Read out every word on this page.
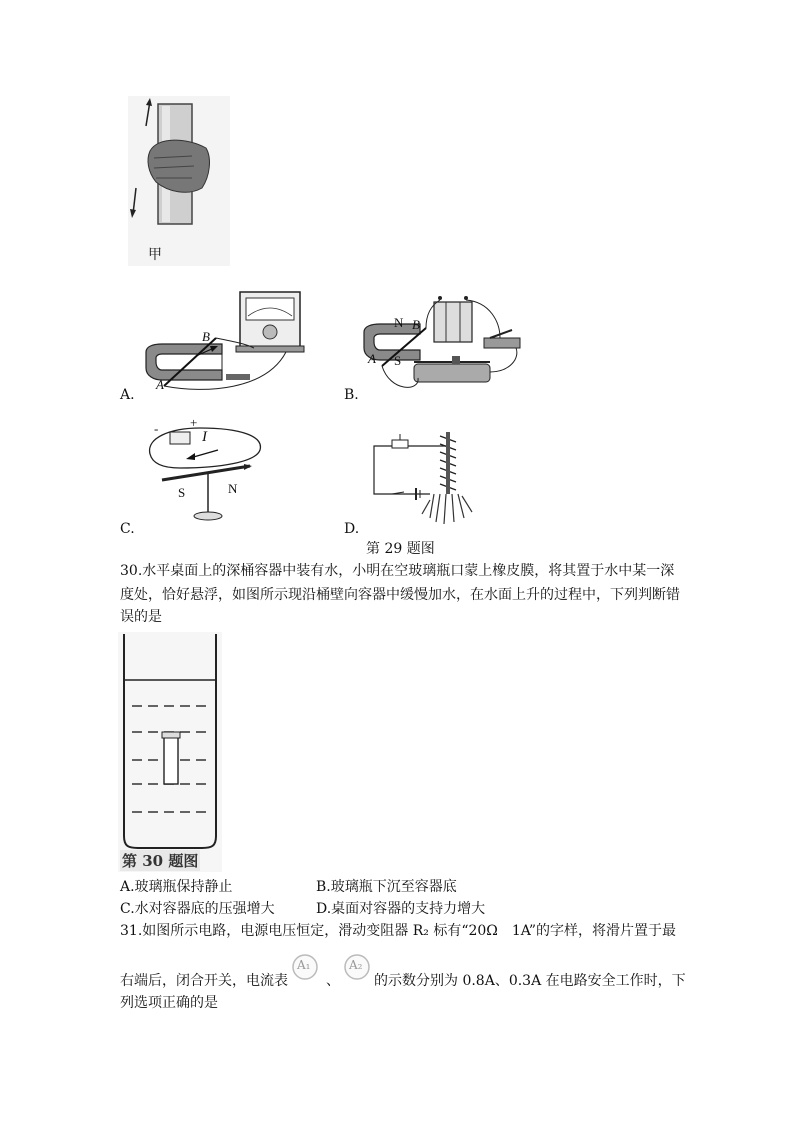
甲
B
A
A.
N B
A S
B.
I
S	N
- +
C.	D.
第 29 题图
30.水平桌面上的深桶容器中装有水，小明在空玻璃瓶口蒙上橡皮膜，将其置于水中某一深
度处，恰好悬浮，如图所示现沿桶壁向容器中缓慢加水，在水面上升的过程中，下列判断错
误的是
第 30 题图
A.玻璃瓶保持静止	B.玻璃瓶下沉至容器底
C.水对容器底的压强增大	D.桌面对容器的支持力增大
31.如图所示电路，电源电压恒定，滑动变阻器 R₂ 标有“20Ω　1A”的字样，将滑片置于最
右端后，闭合开关，电流表
A₁
、
A₂
的示数分别为 0.8A、0.3A 在电路安全工作时，下
列选项正确的是
